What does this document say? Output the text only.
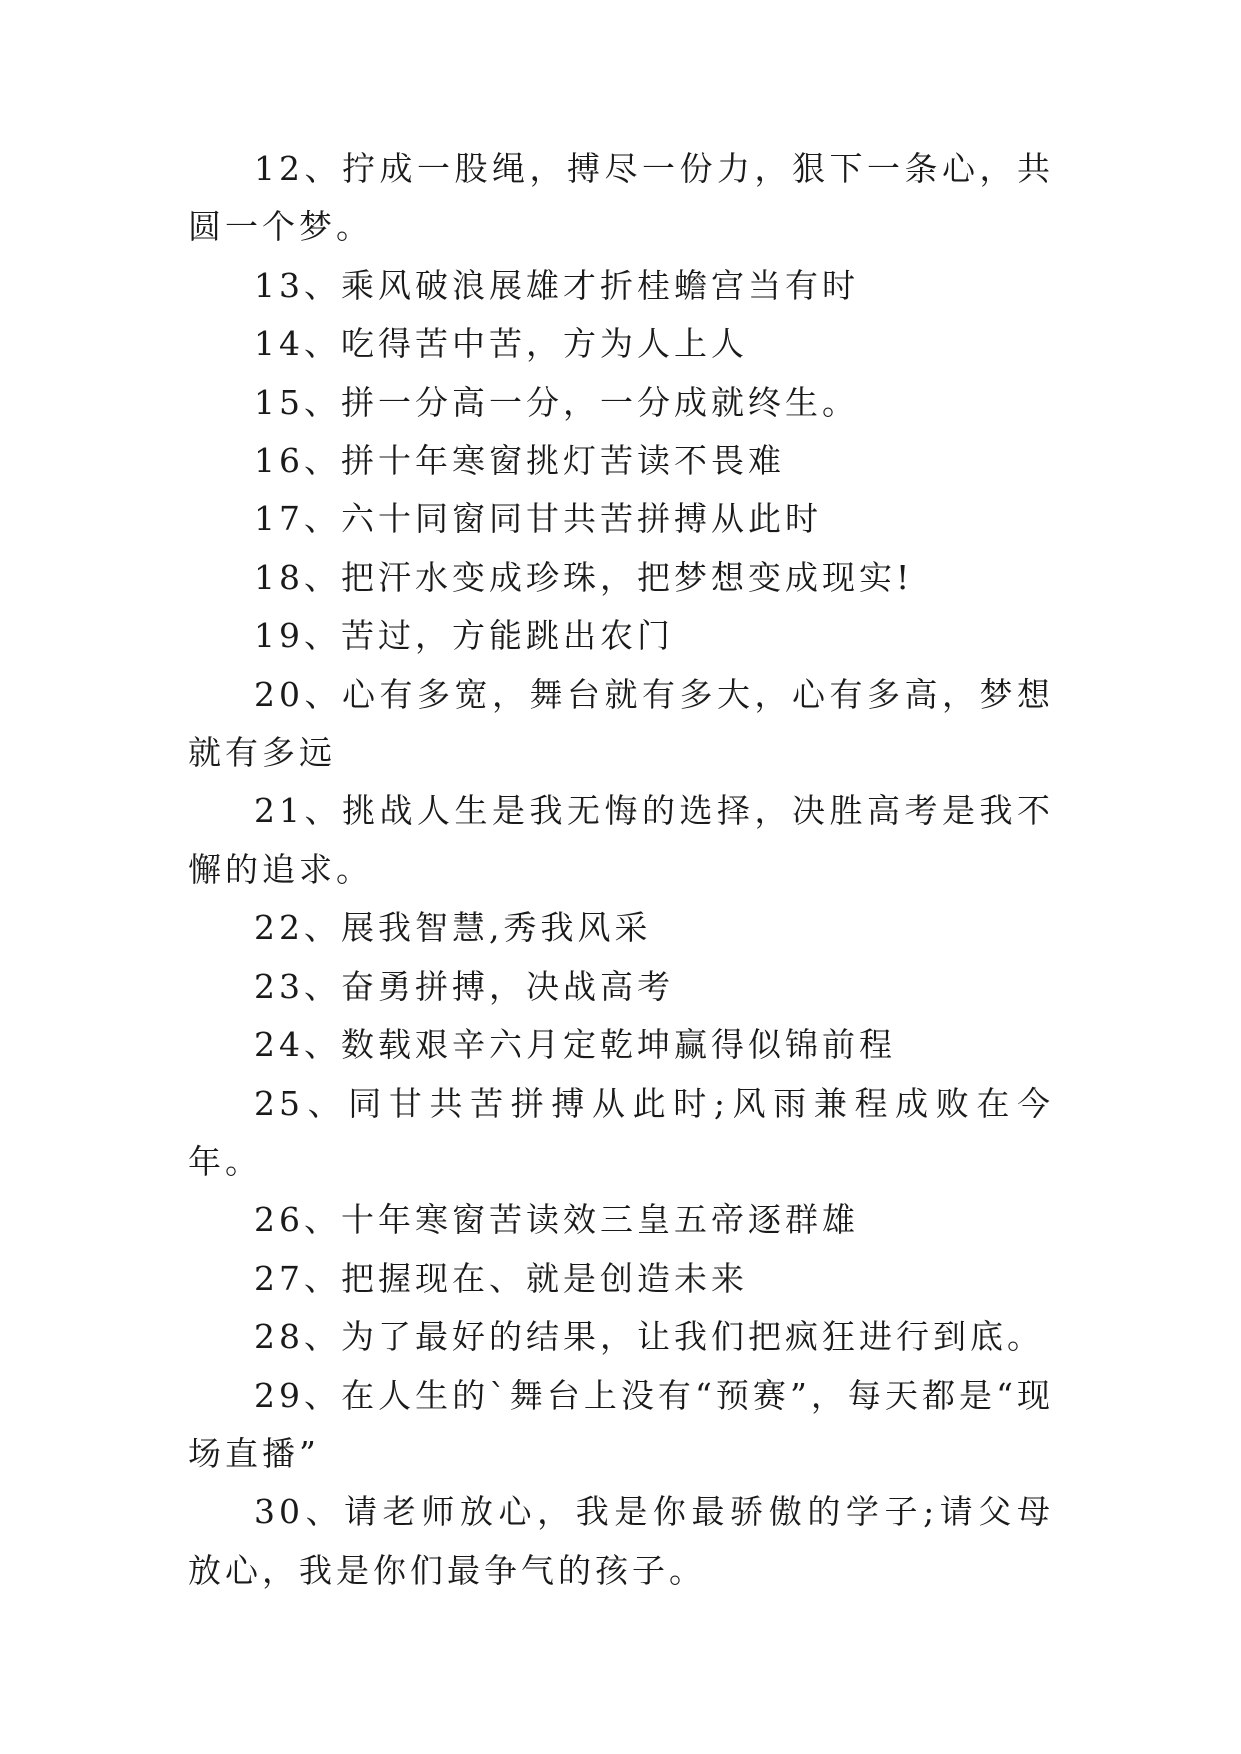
12、拧成一股绳，搏尽一份力，狠下一条心，共圆一个梦。

13、乘风破浪展雄才折桂蟾宫当有时

14、吃得苦中苦，方为人上人

15、拼一分高一分，一分成就终生。

16、拼十年寒窗挑灯苦读不畏难

17、六十同窗同甘共苦拼搏从此时

18、把汗水变成珍珠，把梦想变成现实!

19、苦过，方能跳出农门

20、心有多宽，舞台就有多大，心有多高，梦想就有多远

21、挑战人生是我无悔的选择，决胜高考是我不懈的追求。

22、展我智慧,秀我风采

23、奋勇拼搏，决战高考

24、数载艰辛六月定乾坤赢得似锦前程

25、同甘共苦拼搏从此时;风雨兼程成败在今年。

26、十年寒窗苦读效三皇五帝逐群雄

27、把握现在、就是创造未来

28、为了最好的结果，让我们把疯狂进行到底。

29、在人生的`舞台上没有“预赛”，每天都是“现场直播”

30、请老师放心，我是你最骄傲的学子;请父母放心，我是你们最争气的孩子。
